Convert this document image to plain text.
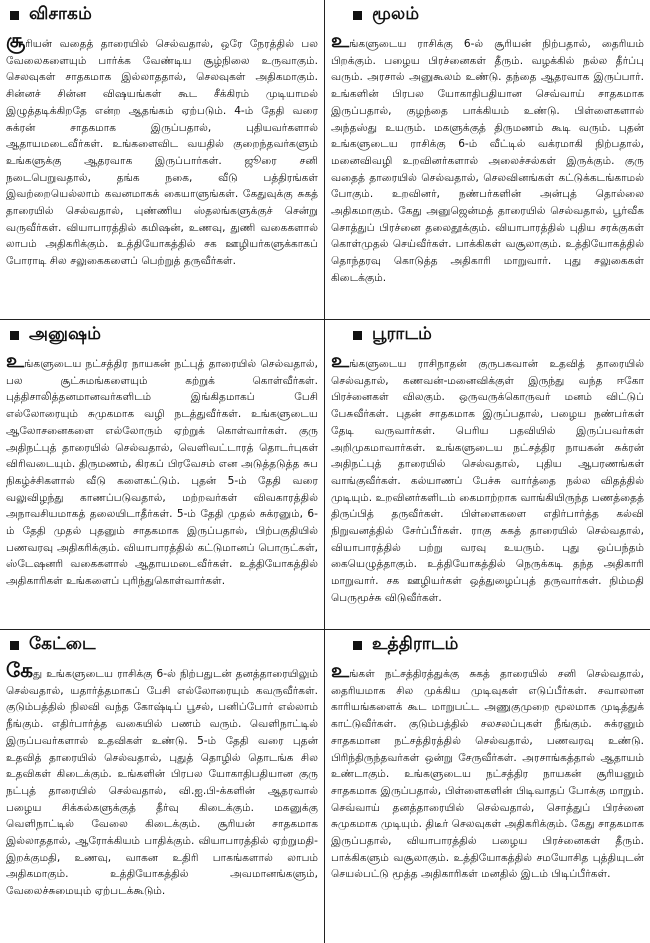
விசாகம்
சூரியன் வதைத் தாரையில் செல்வதால், ஒரே நேரத்தில் பல வேலைகளையும் பார்க்க வேண்டிய சூழ்நிலை உருவாகும். செலவுகள் சாதகமாக இல்லாததால், செலவுகள் அதிகமாகும். சின்னச் சின்ன விஷயங்கள் கூட சீக்கிரம் முடியாமல் இழுத்தடிக்கிறதே என்ற ஆதங்கம் ஏற்படும். 4-ம் தேதி வரை சுக்ரன் சாதகமாக இருப்பதால், புதியவர்களால் ஆதாயமடைவீர்கள். உங்களைவிட வயதில் குறைந்தவர்களும் உங்களுக்கு ஆதரவாக இருப்பார்கள். ஜூரை சனி நடைபெறுவதால், தங்க நகை, வீடு பத்திரங்கள் இவற்றையெல்லாம் கவனமாகக் கையாளுங்கள். கேதுவுக்கு சுகத் தாரையில் செல்வதால், புண்ணிய ஸ்தலங்களுக்குச் சென்று வருவீர்கள். வியாபாரத்தில் கமிஷன், உணவு, துணி வகைகளால் லாபம் அதிகரிக்கும். உத்தியோகத்தில் சக ஊழியர்களுக்காகப் போராடி சில சலுகைகளைப் பெற்றுத் தருவீர்கள்.
மூலம்
உங்களுடைய ராசிக்கு 6-ல் சூரியன் நிற்பதால், தைரியம் பிறக்கும். பழைய பிரச்னைகள் தீரும். வழக்கில் நல்ல தீர்ப்பு வரும். அரசால் அனுகூலம் உண்டு. தந்தை ஆதரவாக இருப்பார். உங்களின் பிரபல யோகாதிபதியான செவ்வாய் சாதகமாக இருப்பதால், குழந்தை பாக்கியம் உண்டு. பிள்ளைகளால் அந்தஸ்து உயரும். மகளுக்குத் திருமணம் கூடி வரும். புதன் உங்களுடைய ராசிக்கு 6-ம் வீட்டில் வக்ரமாகி நிற்பதால், மனைவிவழி உறவினர்களால் அலைச்சல்கள் இருக்கும். குரு வதைத் தாரையில் செல்வதால், செலவினங்கள் கட்டுக்கடங்காமல் போகும். உறவினர், நண்பர்களின் அன்புத் தொல்லை அதிகமாகும். கேது அனுஜென்மத் தாரையில் செல்வதால், பூர்வீக சொத்துப் பிரச்னை தலைதூக்கும். வியாபாரத்தில் புதிய சரக்குகள் கொள்முதல் செய்வீர்கள். பாக்கிகள் வசூலாகும். உத்தியோகத்தில் தொந்தரவு கொடுத்த அதிகாரி மாறுவார். புது சலுகைகள் கிடைக்கும்.
அனுஷம்
உங்களுடைய நட்சத்திர நாயகன் நட்புத் தாரையில் செல்வதால், பல சூட்சுமங்களையும் கற்றுக் கொள்வீர்கள். புத்திசாலித்தனமானவர்களிடம் இங்கிதமாகப் பேசி எல்லோரையும் சுமுகமாக வழி நடத்துவீர்கள். உங்களுடைய ஆலோசனைகளை எல்லோரும் ஏற்றுக் கொள்வார்கள். குரு அதிநட்புத் தாரையில் செல்வதால், வெளிவட்டாரத் தொடர்புகள் விரிவடையும். திருமணம், கிரகப் பிரவேசம் என அடுத்தடுத்த சுப நிகழ்ச்சிகளால் வீடு களைகட்டும். புதன் 5-ம் தேதி வரை வலுவிழந்து காணப்படுவதால், மற்றவர்கள் விவகாரத்தில் அநாவசியமாகத் தலையிடாதீர்கள். 5-ம் தேதி முதல் சுக்ரனும், 6-ம் தேதி முதல் புதனும் சாதகமாக இருப்பதால், பிற்பகுதியில் பணவரவு அதிகரிக்கும். வியாபாரத்தில் கட்டுமானப் பொருட்கள், ஸ்டேஷனரி வகைகளால் ஆதாயமடைவீர்கள். உத்தியோகத்தில் அதிகாரிகள் உங்களைப் புரிந்துகொள்வார்கள்.
பூராடம்
உங்களுடைய ராசிநாதன் குருபகவான் உதவித் தாரையில் செல்வதால், கணவன்-மனைவிக்குள் இருந்து வந்த ஈகோ பிரச்னைகள் விலகும். ஒருவருக்கொருவர் மனம் விட்டுப் பேசுவீர்கள். புதன் சாதகமாக இருப்பதால், பழைய நண்பர்கள் தேடி வருவார்கள். பெரிய பதவியில் இருப்பவர்கள் அறிமுகமாவார்கள். உங்களுடைய நட்சத்திர நாயகன் சுக்ரன் அதிநட்புத் தாரையில் செல்வதால், புதிய ஆபரணங்கள் வாங்குவீர்கள். கல்யாணப் பேச்சு வார்த்தை நல்ல விதத்தில் முடியும். உறவினர்களிடம் கைமாற்றாக வாங்கியிருந்த பணத்தைத் திருப்பித் தருவீர்கள். பிள்ளைகளை எதிர்பார்த்த கல்வி நிறுவனத்தில் சேர்ப்பீர்கள். ராகு சுகத் தாரையில் செல்வதால், வியாபாரத்தில் பற்று வரவு உயரும். புது ஒப்பந்தம் கையெழுத்தாகும். உத்தியோகத்தில் நெருக்கடி தந்த அதிகாரி மாறுவார். சக ஊழியர்கள் ஒத்துழைப்புத் தருவார்கள். நிம்மதி பெருமூச்சு விடுவீர்கள்.
கேட்டை
கேது உங்களுடைய ராசிக்கு 6-ல் நிற்பதுடன் தனத்தாரையிலும் செல்வதால், யதார்த்தமாகப் பேசி எல்லோரையும் கவருவீர்கள். குடும்பத்தில் நிலவி வந்த கோஷ்டிப் பூசல், பனிப்போர் எல்லாம் நீங்கும். எதிர்பார்த்த வகையில் பணம் வரும். வெளிநாட்டில் இருப்பவர்களால் உதவிகள் உண்டு. 5-ம் தேதி வரை புதன் உதவித் தாரையில் செல்வதால், புதுத் தொழில் தொடங்க சில உதவிகள் கிடைக்கும். உங்களின் பிரபல யோகாதிபதியான குரு நட்புத் தாரையில் செல்வதால், வி.ஐ.பி-க்களின் ஆதரவால் பழைய சிக்கல்களுக்குத் தீர்வு கிடைக்கும். மகனுக்கு வெளிநாட்டில் வேலை கிடைக்கும். சூரியன் சாதகமாக இல்லாததால், ஆரோக்கியம் பாதிக்கும். வியாபாரத்தில் ஏற்றுமதி-இறக்குமதி, உணவு, வாகன உதிரி பாகங்களால் லாபம் அதிகமாகும். உத்தியோகத்தில் அவமானங்களும், வேலைச்சுமையும் ஏற்படக்கூடும்.
உத்திராடம்
உங்கள் நட்சத்திரத்துக்கு சுகத் தாரையில் சனி செல்வதால், தைரியமாக சில முக்கிய முடிவுகள் எடுப்பீர்கள். சவாலான காரியங்களைக் கூட மாறுபட்ட அணுகுமுறை மூலமாக முடித்துக் காட்டுவீர்கள். குடும்பத்தில் சலசலப்புகள் நீங்கும். சுக்ரனும் சாதகமான நட்சத்திரத்தில் செல்வதால், பணவரவு உண்டு. பிரிந்திருந்தவர்கள் ஒன்று சேருவீர்கள். அரசாங்கத்தால் ஆதாயம் உண்டாகும். உங்களுடைய நட்சத்திர நாயகன் சூரியனும் சாதகமாக இருப்பதால், பிள்ளைகளின் பிடிவாதப் போக்கு மாறும். செவ்வாய் தனத்தாரையில் செல்வதால், சொத்துப் பிரச்னை சுமுகமாக முடியும். திடீர் செலவுகள் அதிகரிக்கும். கேது சாதகமாக இருப்பதால், வியாபாரத்தில் பழைய பிரச்னைகள் தீரும். பாக்கிகளும் வசூலாகும். உத்தியோகத்தில் சமயோசித புத்தியுடன் செயல்பட்டு மூத்த அதிகாரிகள் மனதில் இடம் பிடிப்பீர்கள்.
